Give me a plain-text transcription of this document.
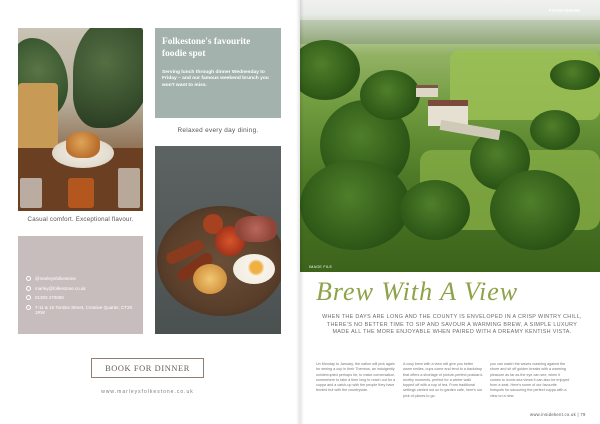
Casual comfort. Exceptional flavour.
Folkestone's favourite foodie spot
Serving lunch through dinner Wednesday to Friday – and our famous weekend brunch you won't want to miss.
Relaxed every day dining.
@marleysfolkestone
marley@folkestone.co.uk
01303 470098
7-11 & 15 Tontine Street, Creative Quarter, CT20 1RW
BOOK FOR DINNER
www.marleysfolkestone.co.uk
FOOD+DRINK
IMAGE FILE
Brew With A View
WHEN THE DAYS ARE LONG AND THE COUNTY IS ENVELOPED IN A CRISP WINTRY CHILL, THERE'S NO BETTER TIME TO SIP AND SAVOUR A WARMING BREW, A SIMPLE LUXURY MADE ALL THE MORE ENJOYABLE WHEN PAIRED WITH A DREAMY KENTISH VISTA.
Un Monday to January, the nation will pick again for seeing a cup in their Thermos, an indulgently uninterrupted perhaps for, to make conversation, somewhere to take a time long to reach out for a cuppa and a catch-up with the people they have tended but with the countryside.
A cosy brew with a view will give you better warm smiles, cups come and tend to a backdrop that offers a shortage of picture-perfect postcard-worthy moments, perfect for a winter walk topped off with a cup of tea. From traditional settings carried out on to garden cafe, here's our pick of places to go.
you can watch the waves crashing against the shore and sit off golden breaks with a warming pleasure as far as the eye can see, when it comes to iconic sea views it can also be enjoyed from a seat. Here's some of our favourite hotspots for savouring the perfect cuppa with a view on a new.
www.insidekent.co.uk | 79
